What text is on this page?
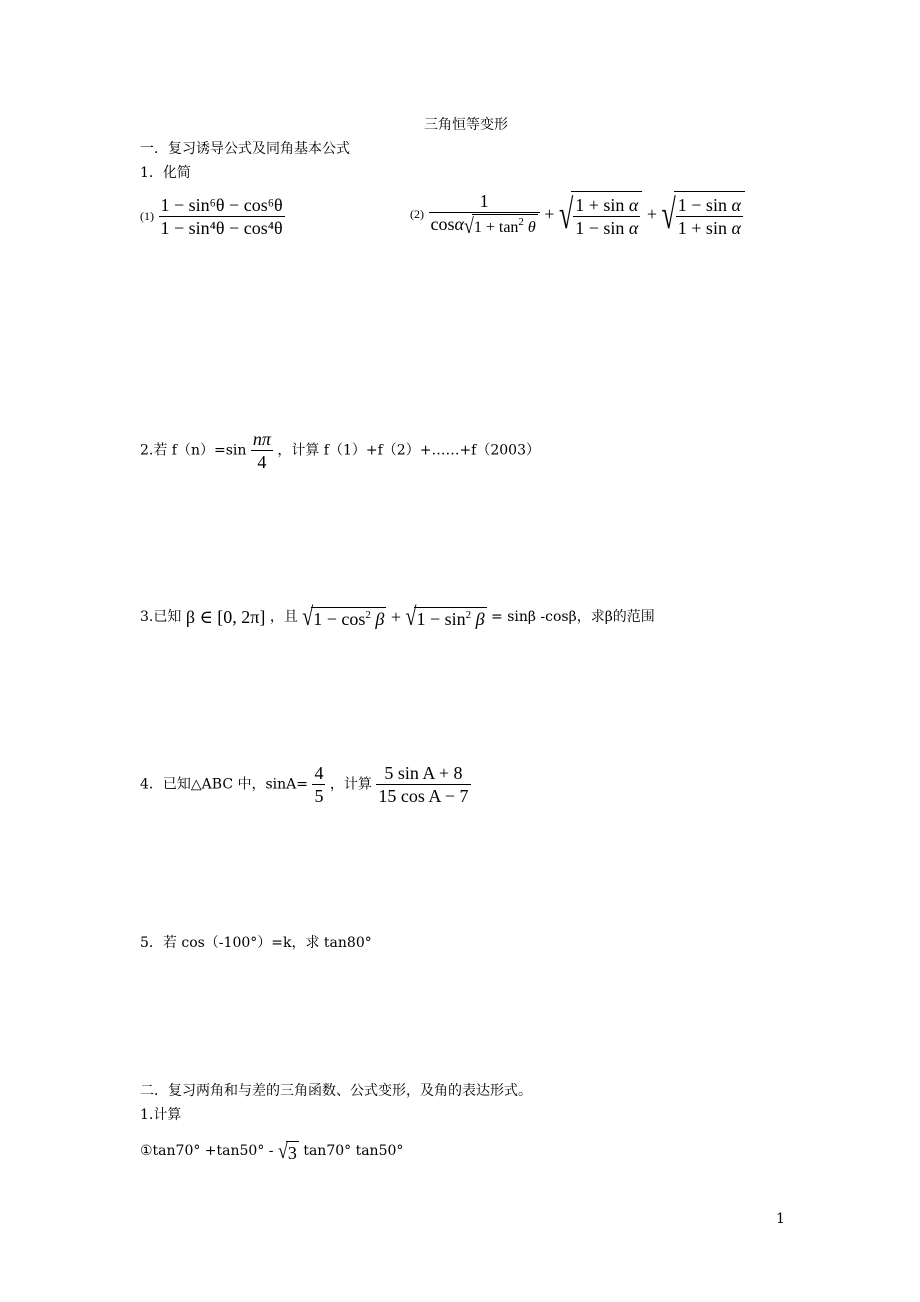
三角恒等变形
一．复习诱导公式及同角基本公式
1．化简
$(1) \frac{\text{1 − sin⁶θ − cos⁶θ}}{\text{1 − sin⁴θ − cos⁴θ}}$	$(2) \frac{1}{\cos\alpha√1 + \tan^2 \theta}$ + √ $\frac{\text{1 + sin α}}{\text{1 − sin α}}$ + √ $\frac{\text{1 − sin α}}{\text{1 + sin α}}$
2.若 $f(n)=\sin \frac{n\pi}{4}$ ，计算 f（1）+f（2）+……+f（2003）
3.已知 β ∈ [0, 2π] ，且 $√1 - \cos^2 \beta + √1 - \sin^2 \beta = \sin\beta$ -cosβ，求β的范围
4．已知△ABC 中，$\sin A= \frac{4}{5}$ ，计算 $\frac{\text{5 sin A + 8}}{\text{15 cos A − 7}}$
5．若 cos（-100°）=k，求 tan80°
二．复习两角和与差的三角函数、公式变形，及角的表达形式。
1.计算
①tan70° +tan50° - √3 tan70° tan50°
1
